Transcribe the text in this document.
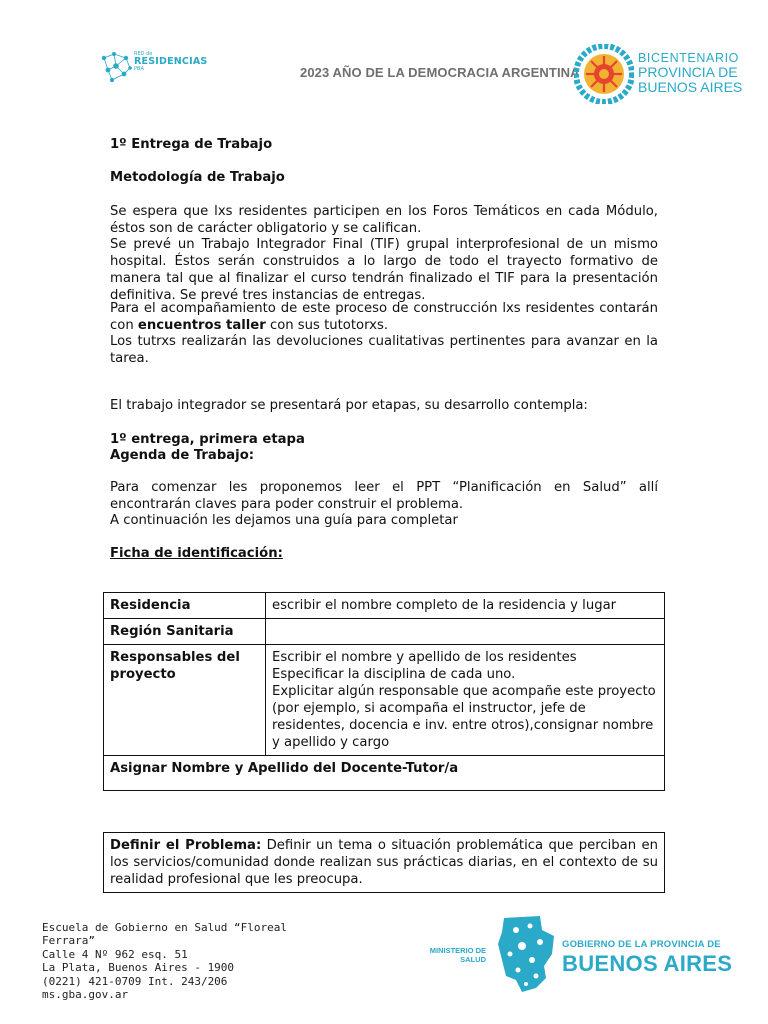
RED de
RESIDENCIAS
PBA	2023 AÑO DE LA DEMOCRACIA ARGENTINA
BICENTENARIO
PROVINCIA DE
BUENOS AIRES
1º Entrega de Trabajo
Metodología de Trabajo
Se espera que lxs residentes participen en los Foros Temáticos en cada Módulo, éstos son de carácter obligatorio y se califican.
Se prevé un Trabajo Integrador Final (TIF) grupal interprofesional de un mismo hospital. Éstos serán construidos a lo largo de todo el trayecto formativo de manera tal que al finalizar el curso tendrán finalizado el TIF para la presentación definitiva. Se prevé tres instancias de entregas.
Para el acompañamiento de este proceso de construcción lxs residentes contarán con encuentros taller con sus tutotorxs.
Los tutrxs realizarán las devoluciones cualitativas pertinentes para avanzar en la tarea.
El trabajo integrador se presentará por etapas, su desarrollo contempla:
1º entrega, primera etapa
Agenda de Trabajo:
Para comenzar les proponemos leer el PPT “Planificación en Salud” allí encontrarán claves para poder construir el problema.
A continuación les dejamos una guía para completar
Ficha de identificación:
Residencia	escribir el nombre completo de la residencia y lugar
Región Sanitaria	
Responsables del proyecto	Escribir el nombre y apellido de los residentes
Especificar la disciplina de cada uno.
Explicitar algún responsable que acompañe este proyecto (por ejemplo, si acompaña el instructor, jefe de residentes, docencia e inv. entre otros),consignar nombre y apellido y cargo

Asignar Nombre y Apellido del Docente-Tutor/a	
Definir el Problema: Definir un tema o situación problemática que perciban en los servicios/comunidad donde realizan sus prácticas diarias, en el contexto de su realidad profesional que les preocupa.
Escuela de Gobierno en Salud “Floreal
Ferrara”
Calle 4 Nº 962 esq. 51
La Plata, Buenos Aires - 1900
(0221) 421-0709 Int. 243/206
ms.gba.gov.ar
MINISTERIO DE
SALUD
GOBIERNO DE LA PROVINCIA DE
BUENOS AIRES
